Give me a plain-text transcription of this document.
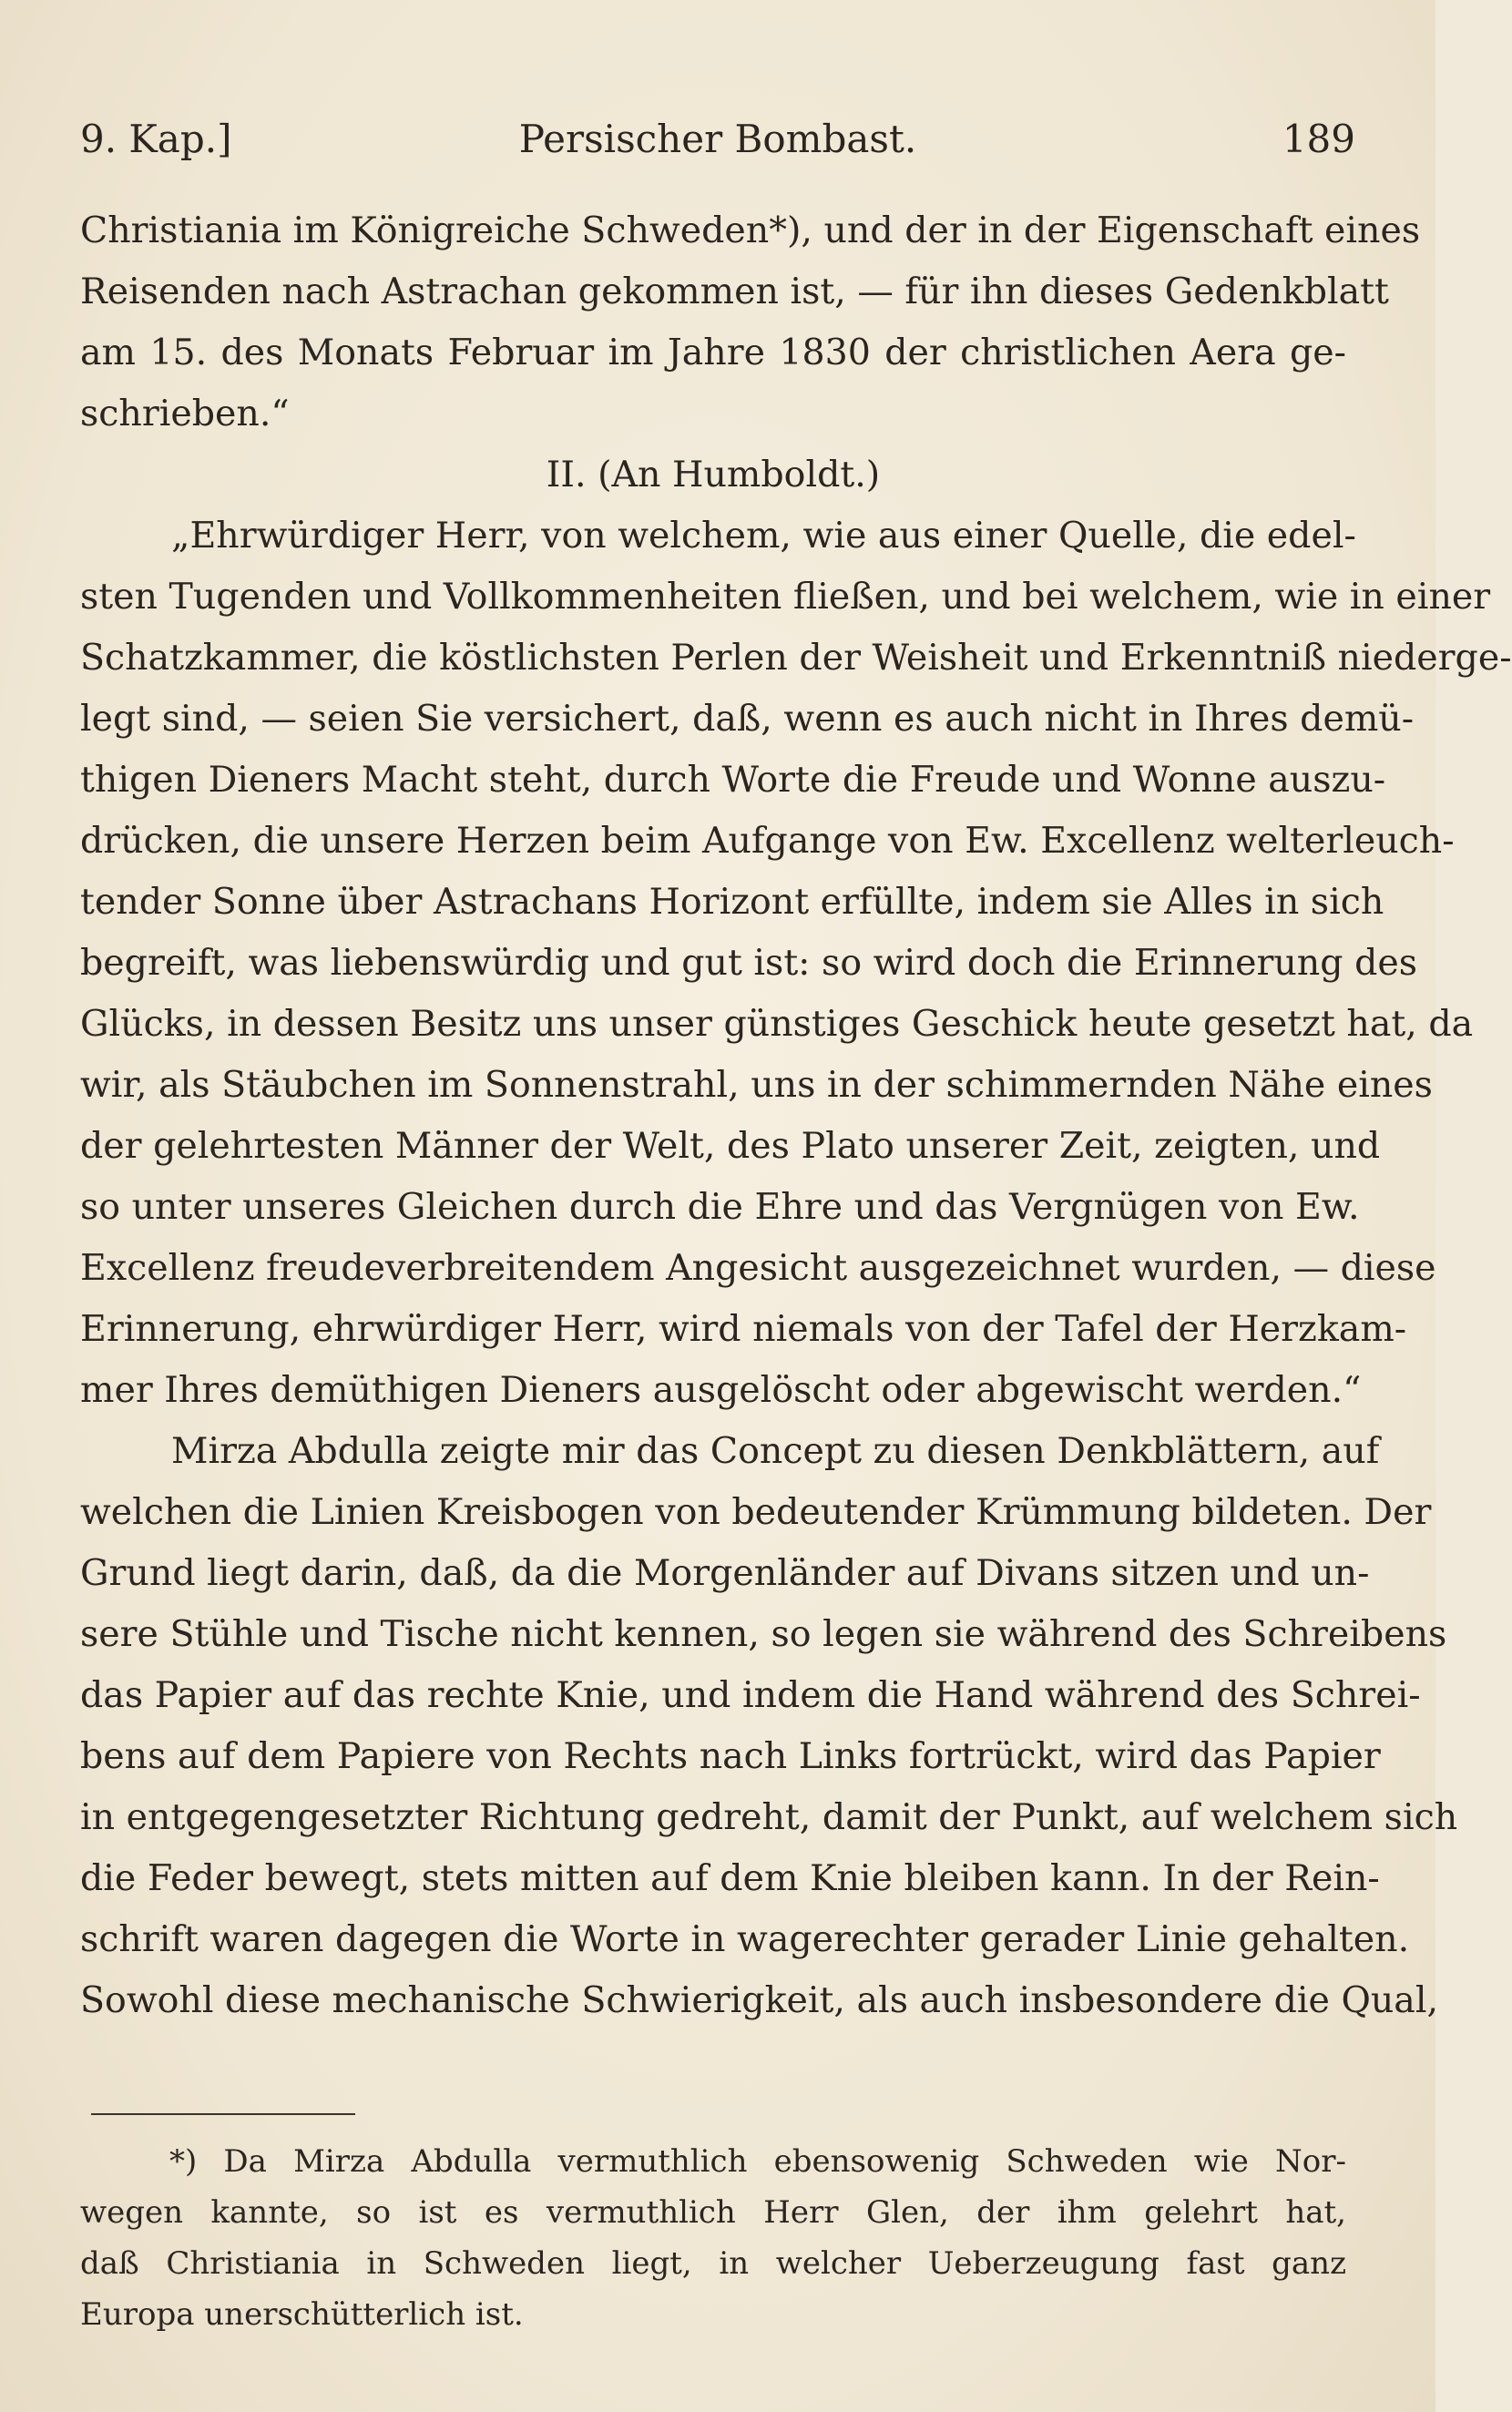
9. Kap.]	Persischer Bombast.	189
Christiania im Königreiche Schweden*), und der in der Eigenschaft eines
Reisenden nach Astrachan gekommen ist, — für ihn dieses Gedenkblatt
am 15. des Monats Februar im Jahre 1830 der christlichen Aera ge-
schrieben.“
II. (An Humboldt.)
„Ehrwürdiger Herr, von welchem, wie aus einer Quelle, die edel-
sten Tugenden und Vollkommenheiten fließen, und bei welchem, wie in einer
Schatzkammer, die köstlichsten Perlen der Weisheit und Erkenntniß niederge-
legt sind, — seien Sie versichert, daß, wenn es auch nicht in Ihres demü-
thigen Dieners Macht steht, durch Worte die Freude und Wonne auszu-
drücken, die unsere Herzen beim Aufgange von Ew. Excellenz welterleuch-
tender Sonne über Astrachans Horizont erfüllte, indem sie Alles in sich
begreift, was liebenswürdig und gut ist: so wird doch die Erinnerung des
Glücks, in dessen Besitz uns unser günstiges Geschick heute gesetzt hat, da
wir, als Stäubchen im Sonnenstrahl, uns in der schimmernden Nähe eines
der gelehrtesten Männer der Welt, des Plato unserer Zeit, zeigten, und
so unter unseres Gleichen durch die Ehre und das Vergnügen von Ew.
Excellenz freudeverbreitendem Angesicht ausgezeichnet wurden, — diese
Erinnerung, ehrwürdiger Herr, wird niemals von der Tafel der Herzkam-
mer Ihres demüthigen Dieners ausgelöscht oder abgewischt werden.“
Mirza Abdulla zeigte mir das Concept zu diesen Denkblättern, auf
welchen die Linien Kreisbogen von bedeutender Krümmung bildeten. Der
Grund liegt darin, daß, da die Morgenländer auf Divans sitzen und un-
sere Stühle und Tische nicht kennen, so legen sie während des Schreibens
das Papier auf das rechte Knie, und indem die Hand während des Schrei-
bens auf dem Papiere von Rechts nach Links fortrückt, wird das Papier
in entgegengesetzter Richtung gedreht, damit der Punkt, auf welchem sich
die Feder bewegt, stets mitten auf dem Knie bleiben kann. In der Rein-
schrift waren dagegen die Worte in wagerechter gerader Linie gehalten.
Sowohl diese mechanische Schwierigkeit, als auch insbesondere die Qual,
*) Da Mirza Abdulla vermuthlich ebensowenig Schweden wie Nor-
wegen kannte, so ist es vermuthlich Herr Glen, der ihm gelehrt hat,
daß Christiania in Schweden liegt, in welcher Ueberzeugung fast ganz
Europa unerschütterlich ist.
